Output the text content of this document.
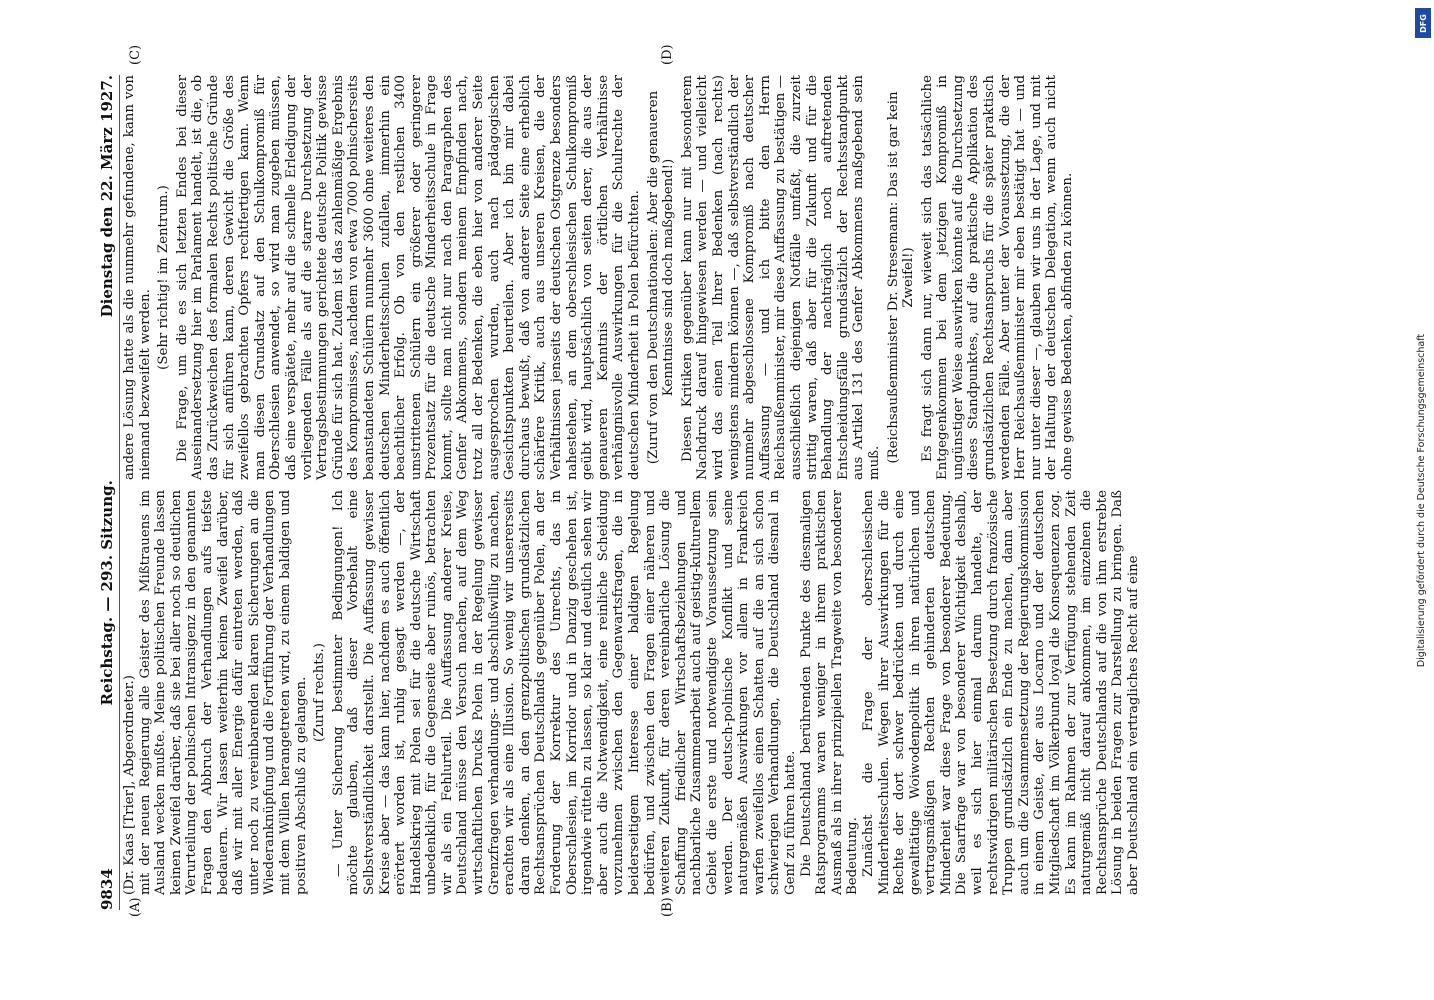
9834
Reichstag. — 293. Sitzung.
Dienstag den 22. März 1927.
(A)	(B)
(C)	(D)

(Dr. Kaas [Trier], Abgeordneter.) mit der neuen Regierung alle Geister des Mißtrauens im Ausland wecken mußte. Meine politischen Freunde lassen keinen Zweifel darüber, daß sie bei aller noch so deutlichen Verurteilung der polnischen Intransigenz in den genannten Fragen den Abbruch der Verhandlungen aufs tiefste bedauern. Wir lassen weiterhin keinen Zweifel darüber, daß wir mit aller Energie dafür eintreten werden, daß unter noch zu vereinbarenden klaren Sicherungen an die Wiederanknüpfung und die Fortführung der Verhandlungen mit dem Willen herangetreten wird, zu einem baldigen und positiven Abschluß zu gelangen. (Zuruf rechts.) — Unter Sicherung bestimmter Bedingungen! Ich möchte glauben, daß dieser Vorbehalt eine Selbstverständlichkeit darstellt. Die Auffassung gewisser Kreise aber — das kann hier, nachdem es auch öffentlich erörtert worden ist, ruhig gesagt werden —, der Handelskrieg mit Polen sei für die deutsche Wirtschaft unbedenklich, für die Gegenseite aber ruinös, betrachten wir als ein Fehlurteil. Die Auffassung anderer Kreise, Deutschland müsse den Versuch machen, auf dem Weg wirtschaftlichen Drucks Polen in der Regelung gewisser Grenzfragen verhandlungs- und abschlußwillig zu machen, erachten wir als eine Illusion. So wenig wir unsererseits daran denken, an den grenzpolitischen grundsätzlichen Rechtsansprüchen Deutschlands gegenüber Polen, an der Forderung der Korrektur des Unrechts, das in Oberschlesien, im Korridor und in Danzig geschehen ist, irgendwie rütteln zu lassen, so klar und deutlich sehen wir aber auch die Notwendigkeit, eine reinliche Scheidung vorzunehmen zwischen den Gegenwartsfragen, die in beiderseitigem Interesse einer baldigen Regelung bedürfen, und zwischen den Fragen einer näheren und weiteren Zukunft, für deren vereinbarliche Lösung die Schaffung friedlicher Wirtschaftsbeziehungen und nachbarliche Zusammenarbeit auch auf geistig-kulturellem Gebiet die erste und notwendigste Voraussetzung sein werden. Der deutsch-polnische Konflikt und seine naturgemäßen Auswirkungen vor allem in Frankreich warfen zweifellos einen Schatten auf die an sich schon schwierigen Verhandlungen, die Deutschland diesmal in Genf zu führen hatte. Die Deutschland berührenden Punkte des diesmaligen Ratsprogramms waren weniger in ihrem praktischen Ausmaß als in ihrer prinzipiellen Tragweite von besonderer Bedeutung. Zunächst die Frage der oberschlesischen Minderheitsschulen. Wegen ihrer Auswirkungen für die Rechte der dort schwer bedrückten und durch eine gewalttätige Woiwodenpolitik in ihren natürlichen und vertragsmäßigen Rechten gehinderten deutschen Minderheit war diese Frage von besonderer Bedeutung. Die Saarfrage war von besonderer Wichtigkeit deshalb, weil es sich hier einmal darum handelte, der rechtswidrigen militärischen Besetzung durch französische Truppen grundsätzlich ein Ende zu machen, dann aber auch um die Zusammensetzung der Regierungskommission in einem Geiste, der aus Locarno und der deutschen Mitgliedschaft im Völkerbund loyal die Konsequenzen zog. Es kann im Rahmen der zur Verfügung stehenden Zeit naturgemäß nicht darauf ankommen, im einzelnen die Rechtsansprüche Deutschlands auf die von ihm erstrebte Lösung in beiden Fragen zur Darstellung zu bringen. Daß aber Deutschland ein vertragliches Recht auf eine

andere Lösung hatte als die nunmehr gefundene, kann von niemand bezweifelt werden.

(Sehr richtig! im Zentrum.) Die Frage, um die es sich letzten Endes bei dieser Auseinandersetzung hier im Parlament handelt, ist die, ob das Zurückweichen des formalen Rechts politische Gründe für sich anführen kann, deren Gewicht die Größe des zweifellos gebrachten Opfers rechtfertigen kann. Wenn man diesen Grundsatz auf den Schulkompromiß für Oberschlesien anwendet, so wird man zugeben müssen, daß eine verspätete, mehr auf die schnelle Erledigung der vorliegenden Fälle als auf die starre Durchsetzung der Vertragsbestimmungen gerichtete deutsche Politik gewisse Gründe für sich hat. Zudem ist das zahlenmäßige Ergebnis des Kompromisses, nachdem von etwa 7000 polnischerseits beanstandeten Schülern nunmehr 3600 ohne weiteres den deutschen Minderheitsschulen zufallen, immerhin ein beachtlicher Erfolg. Ob von den restlichen 3400 umstrittenen Schülern ein größerer oder geringerer Prozentsatz für die deutsche Minderheitsschule in Frage kommt, sollte man nicht nur nach den Paragraphen des Genfer Abkommens, sondern meinem Empfinden nach, trotz all der Bedenken, die eben hier von anderer Seite ausgesprochen wurden, auch nach pädagogischen Gesichtspunkten beurteilen. Aber ich bin mir dabei durchaus bewußt, daß von anderer Seite eine erheblich schärfere Kritik, auch aus unseren Kreisen, die der Verhältnissen jenseits der deutschen Ostgrenze besonders nahestehen, an dem oberschlesischen Schulkompromiß geübt wird, hauptsächlich von seiten derer, die aus der genaueren Kenntnis der örtlichen Verhältnisse verhängnisvolle Auswirkungen für die Schulrechte der deutschen Minderheit in Polen befürchten. (Zuruf von den Deutschnationalen: Aber die genaueren Kenntnisse sind doch maßgebend!) Diesen Kritiken gegenüber kann nur mit besonderem Nachdruck darauf hingewiesen werden — und vielleicht wird das einen Teil Ihrer Bedenken (nach rechts) wenigstens mindern können —, daß selbstverständlich der nunmehr abgeschlossene Kompromiß nach deutscher Auffassung — und ich bitte den Herrn Reichsaußenminister, mir diese Auffassung zu bestätigen — ausschließlich diejenigen Notfälle umfaßt, die zurzeit strittig waren, daß aber für die Zukunft und für die Behandlung der nachträglich noch auftretenden Entscheidungsfälle grundsätzlich der Rechtsstandpunkt aus Artikel 131 des Genfer Abkommens maßgebend sein muß. (Reichsaußenminister Dr. Stresemann: Das ist gar kein Zweifel!) Es fragt sich dann nur, wieweit sich das tatsächliche Entgegenkommen bei dem jetzigen Kompromiß in ungünstiger Weise auswirken könnte auf die Durchsetzung dieses Standpunktes, auf die praktische Applikation des grundsätzlichen Rechtsanspruchs für die später praktisch werdenden Fälle. Aber unter der Voraussetzung, die der Herr Reichsaußenminister mir eben bestätigt hat — und nur unter dieser —, glauben wir uns in der Lage, und mit der Haltung der deutschen Delegation, wenn auch nicht ohne gewisse Bedenken, abfinden zu können.

Digitalisierung gefördert durch die Deutsche Forschungsgemeinschaft
DFG
